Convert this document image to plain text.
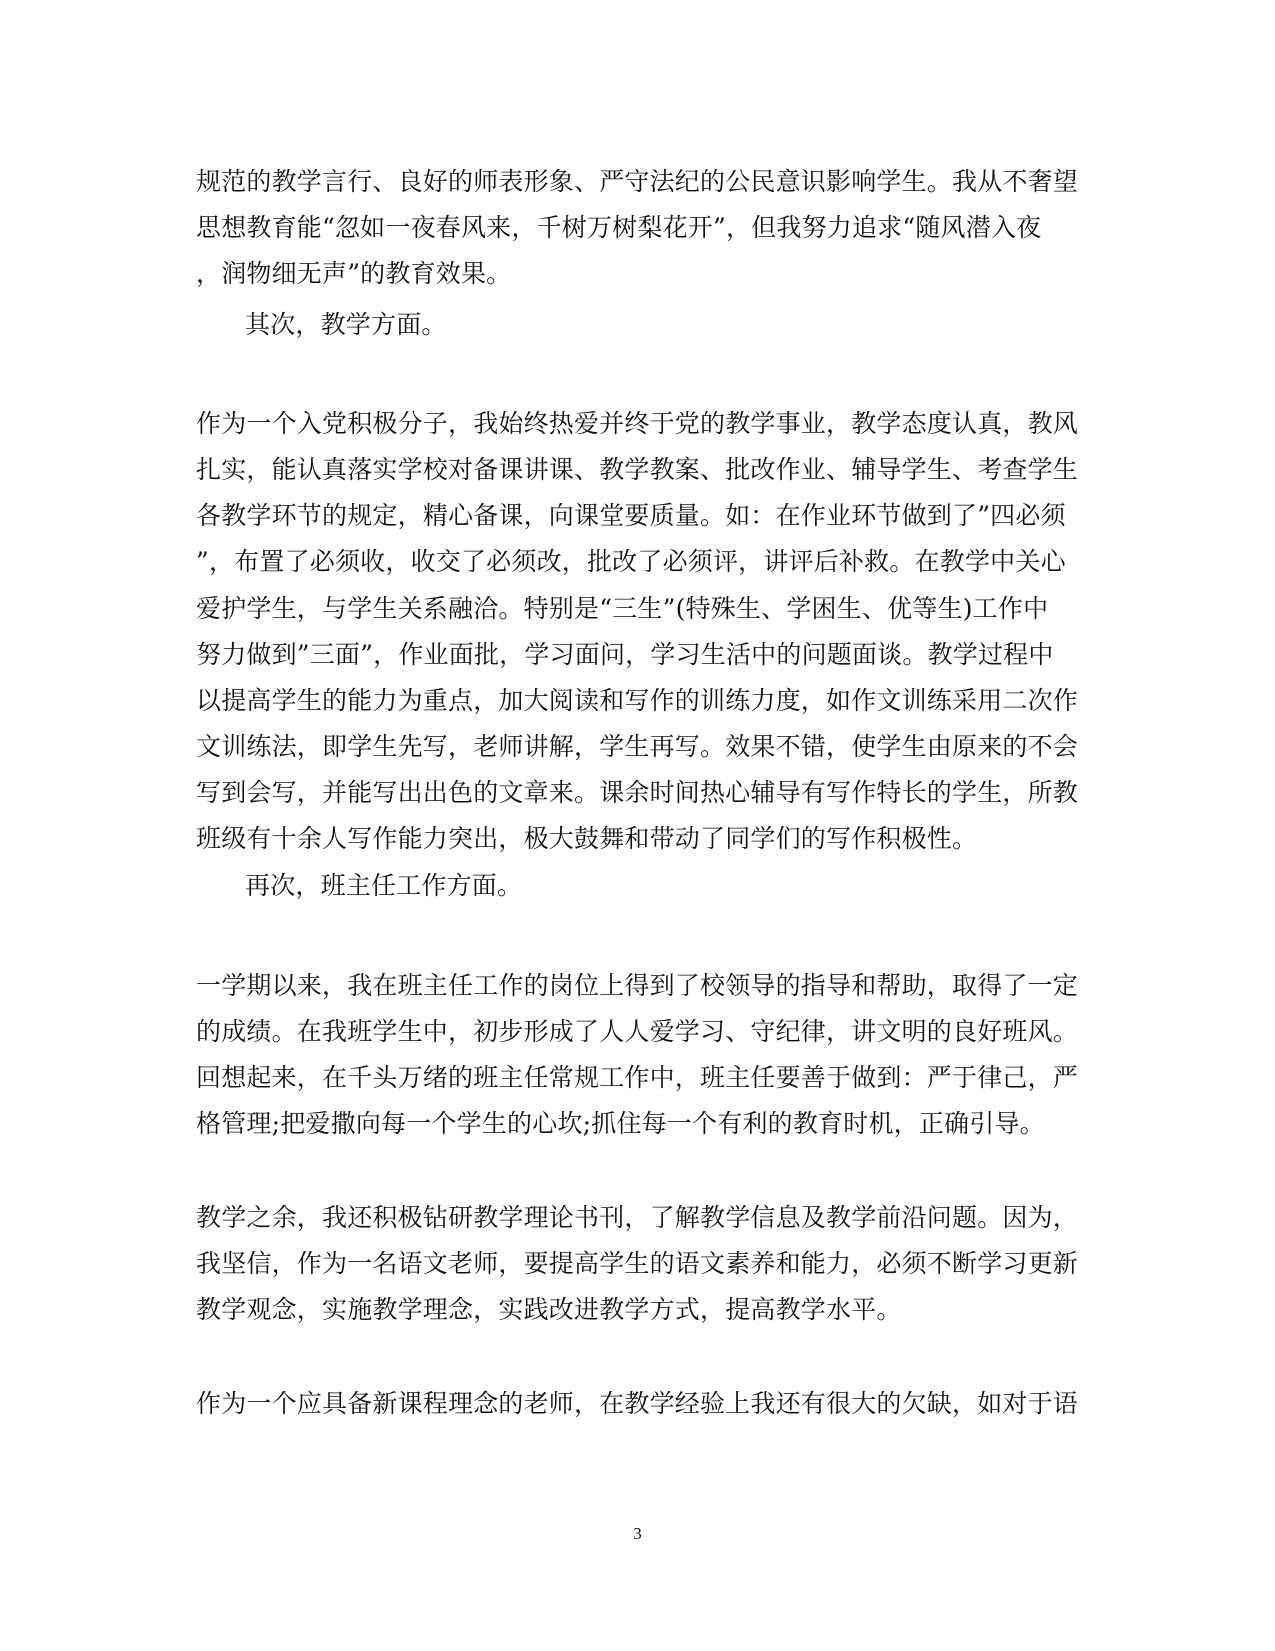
规范的教学言行、良好的师表形象、严守法纪的公民意识影响学生。我从不奢望
思想教育能“忽如一夜春风来，千树万树梨花开”，但我努力追求“随风潜入夜
，润物细无声”的教育效果。
其次，教学方面。
作为一个入党积极分子，我始终热爱并终于党的教学事业，教学态度认真，教风
扎实，能认真落实学校对备课讲课、教学教案、批改作业、辅导学生、考查学生
各教学环节的规定，精心备课，向课堂要质量。如：在作业环节做到了”四必须
”，布置了必须收，收交了必须改，批改了必须评，讲评后补救。在教学中关心
爱护学生，与学生关系融洽。特别是“三生”(特殊生、学困生、优等生)工作中
努力做到”三面”，作业面批，学习面问，学习生活中的问题面谈。教学过程中
以提高学生的能力为重点，加大阅读和写作的训练力度，如作文训练采用二次作
文训练法，即学生先写，老师讲解，学生再写。效果不错，使学生由原来的不会
写到会写，并能写出出色的文章来。课余时间热心辅导有写作特长的学生，所教
班级有十余人写作能力突出，极大鼓舞和带动了同学们的写作积极性。
再次，班主任工作方面。
一学期以来，我在班主任工作的岗位上得到了校领导的指导和帮助，取得了一定
的成绩。在我班学生中，初步形成了人人爱学习、守纪律，讲文明的良好班风。
回想起来，在千头万绪的班主任常规工作中，班主任要善于做到：严于律己，严
格管理;把爱撒向每一个学生的心坎;抓住每一个有利的教育时机，正确引导。
教学之余，我还积极钻研教学理论书刊，了解教学信息及教学前沿问题。因为，
我坚信，作为一名语文老师，要提高学生的语文素养和能力，必须不断学习更新
教学观念，实施教学理念，实践改进教学方式，提高教学水平。
作为一个应具备新课程理念的老师，在教学经验上我还有很大的欠缺，如对于语
3
